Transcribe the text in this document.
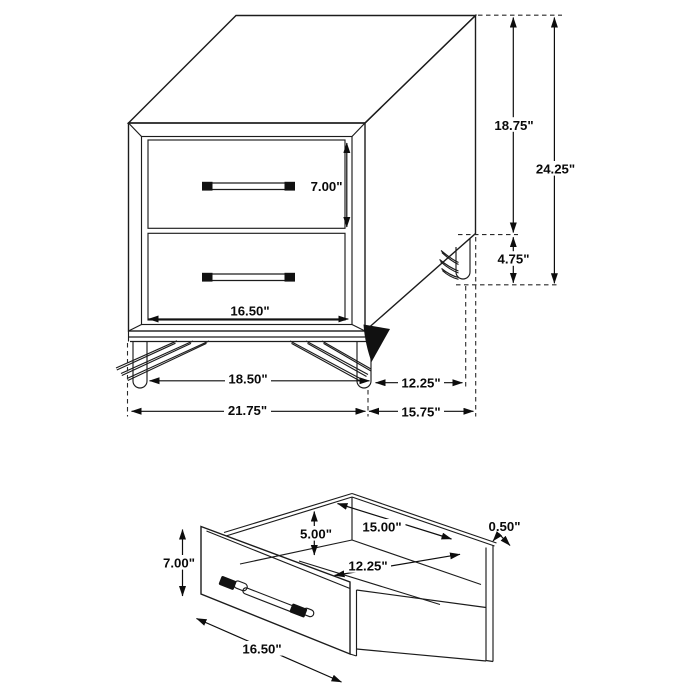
7.00"
16.50"
18.50"
21.75"
12.25"
15.75"
18.75"
24.25"
4.75"
7.00"
16.50"
5.00" 15.00"
12.25"
0.50"
